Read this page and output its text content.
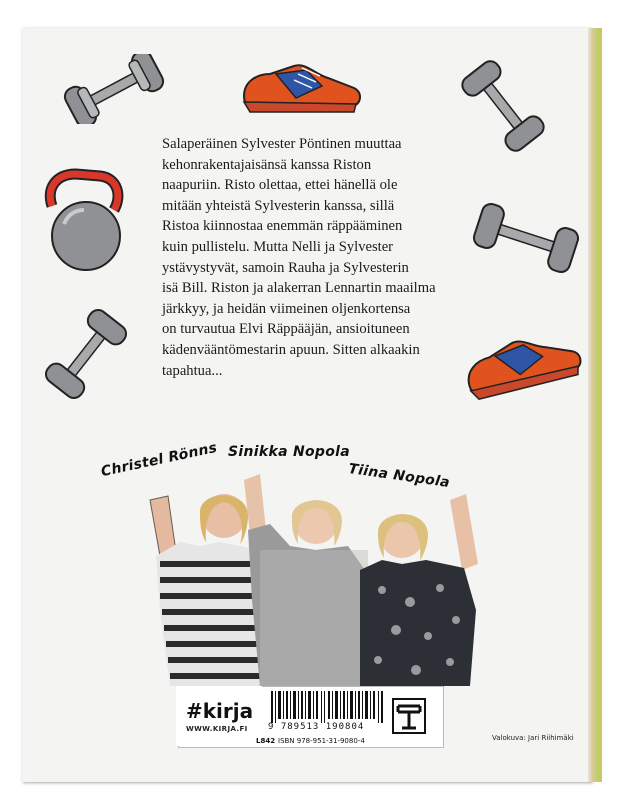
Salaperäinen Sylvester Pöntinen muuttaa
kehonrakentajaisänsä kanssa Riston
naapuriin. Risto olettaa, ettei hänellä ole
mitään yhteistä Sylvesterin kanssa, sillä
Ristoa kiinnostaa enemmän räppääminen
kuin pullistelu. Mutta Nelli ja Sylvester
ystävystyvät, samoin Rauha ja Sylvesterin
isä Bill. Riston ja alakerran Lennartin maailma
järkkyy, ja heidän viimeinen oljenkortensa
on turvautua Elvi Räppääjän, ansioituneen
kädenvääntömestarin apuun. Sitten alkaakin
tapahtua...

Christel Rönns Sinikka Nopola
Tiina Nopola
#kirja
WWW.KIRJA.FI 9 789513 190804
L842 ISBN 978-951-31-9080-4	Valokuva: Jari Riihimäki
